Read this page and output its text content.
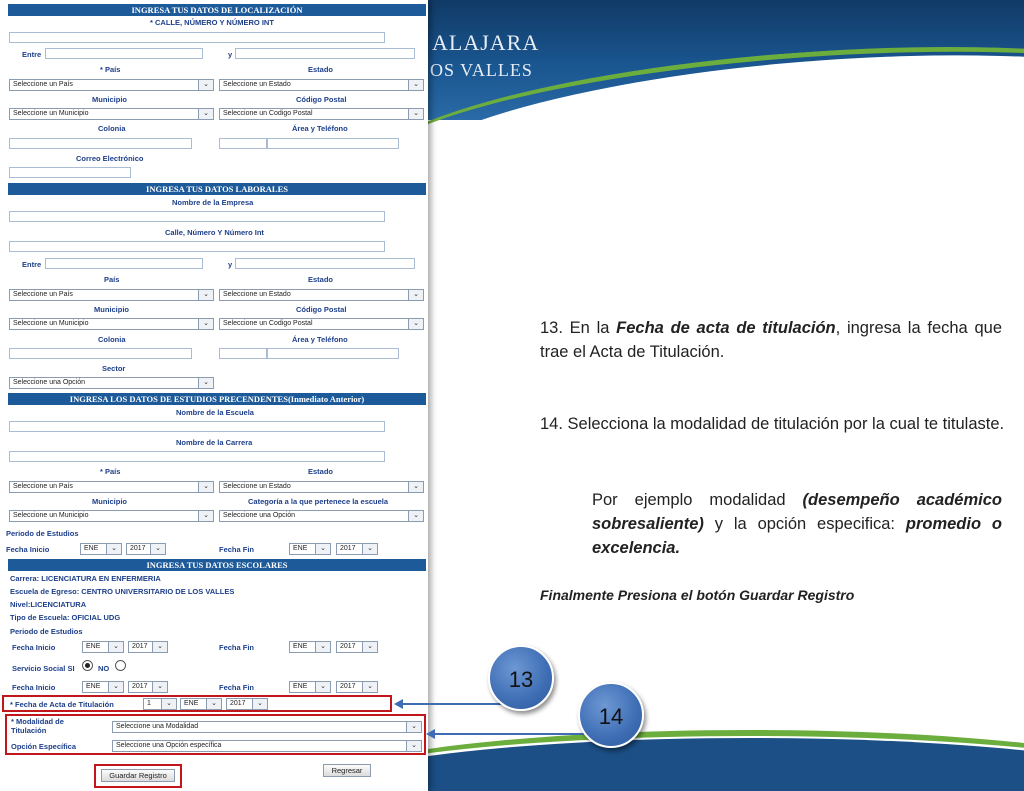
ALAJARA
OS VALLES
INGRESA TUS DATOS DE LOCALIZACIÓN
* CALLE, NÚMERO Y NÚMERO INT
Entre	y
* País	Estado
Seleccione un País	⌄	Seleccione un Estado	⌄
Municipio	Código Postal
Seleccione un Municipio	⌄	Seleccione un Codigo Postal	⌄
Colonia	Área y Teléfono
Correo Electrónico
INGRESA TUS DATOS LABORALES
Nombre de la Empresa
Calle, Número Y Número Int
Entre	y
País	Estado
Seleccione un País	⌄	Seleccione un Estado	⌄
Municipio	Código Postal
Seleccione un Municipio	⌄	Seleccione un Codigo Postal	⌄
Colonia	Área y Teléfono
Sector
Seleccione una Opción	⌄
INGRESA LOS DATOS DE ESTUDIOS PRECENDENTES(Inmediato Anterior)
Nombre de la Escuela
Nombre de la Carrera
* País	Estado
Seleccione un País	⌄	Seleccione un Estado	⌄
Municipio	Categoría a la que pertenece la escuela
Seleccione un Municipio	⌄	Seleccione una Opción	⌄
Periodo de Estudios
Fecha Inicio	ENE	⌄	2017	⌄	Fecha Fin	ENE	⌄	2017	⌄
INGRESA TUS DATOS ESCOLARES
Carrera: LICENCIATURA EN ENFERMERIA
Escuela de Egreso: CENTRO UNIVERSITARIO DE LOS VALLES
Nivel:LICENCIATURA
Tipo de Escuela: OFICIAL UDG
Periodo de Estudios
Fecha Inicio	ENE	⌄	2017	⌄	Fecha Fin	ENE	⌄	2017	⌄
Servicio Social SI	NO
Fecha Inicio	ENE	⌄	2017	⌄	Fecha Fin	ENE	⌄	2017	⌄
* Fecha de Acta de Titulación	1	⌄	ENE	⌄	2017	⌄
* Modalidad de Titulación	Seleccione una Modalidad	⌄
Opción Específica	Seleccione una Opción específica	⌄
Guardar Registro
Regresar
13
14
13. En la Fecha de acta de titulación, ingresa la fecha que trae el Acta de Titulación.
14. Selecciona la modalidad de titulación por la cual te titulaste.
Por ejemplo modalidad (desempeño académico sobresaliente) y la opción especifica: promedio o excelencia.
Finalmente Presiona el botón Guardar Registro
